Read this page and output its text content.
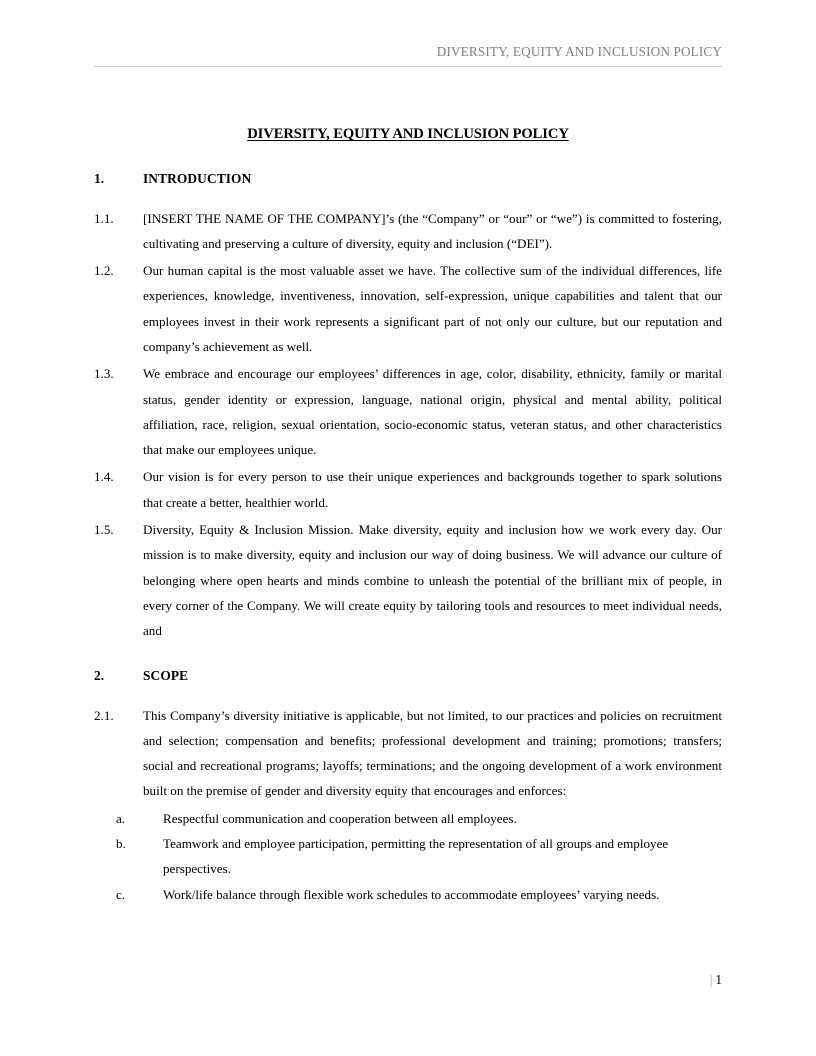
DIVERSITY, EQUITY AND INCLUSION POLICY
DIVERSITY, EQUITY AND INCLUSION POLICY
1.	INTRODUCTION
1.1.	[INSERT THE NAME OF THE COMPANY]’s (the “Company” or “our” or “we”) is committed to fostering, cultivating and preserving a culture of diversity, equity and inclusion (“DEI”).
1.2.	Our human capital is the most valuable asset we have. The collective sum of the individual differences, life experiences, knowledge, inventiveness, innovation, self-expression, unique capabilities and talent that our employees invest in their work represents a significant part of not only our culture, but our reputation and company’s achievement as well.
1.3.	We embrace and encourage our employees’ differences in age, color, disability, ethnicity, family or marital status, gender identity or expression, language, national origin, physical and mental ability, political affiliation, race, religion, sexual orientation, socio-economic status, veteran status, and other characteristics that make our employees unique.
1.4.	Our vision is for every person to use their unique experiences and backgrounds together to spark solutions that create a better, healthier world.
1.5.	Diversity, Equity & Inclusion Mission. Make diversity, equity and inclusion how we work every day. Our mission is to make diversity, equity and inclusion our way of doing business. We will advance our culture of belonging where open hearts and minds combine to unleash the potential of the brilliant mix of people, in every corner of the Company. We will create equity by tailoring tools and resources to meet individual needs, and
2.	SCOPE
2.1.	This Company’s diversity initiative is applicable, but not limited, to our practices and policies on recruitment and selection; compensation and benefits; professional development and training; promotions; transfers; social and recreational programs; layoffs; terminations; and the ongoing development of a work environment built on the premise of gender and diversity equity that encourages and enforces:
a.	Respectful communication and cooperation between all employees.
b.	Teamwork and employee participation, permitting the representation of all groups and employee perspectives.
c.	Work/life balance through flexible work schedules to accommodate employees’ varying needs.
| 1
